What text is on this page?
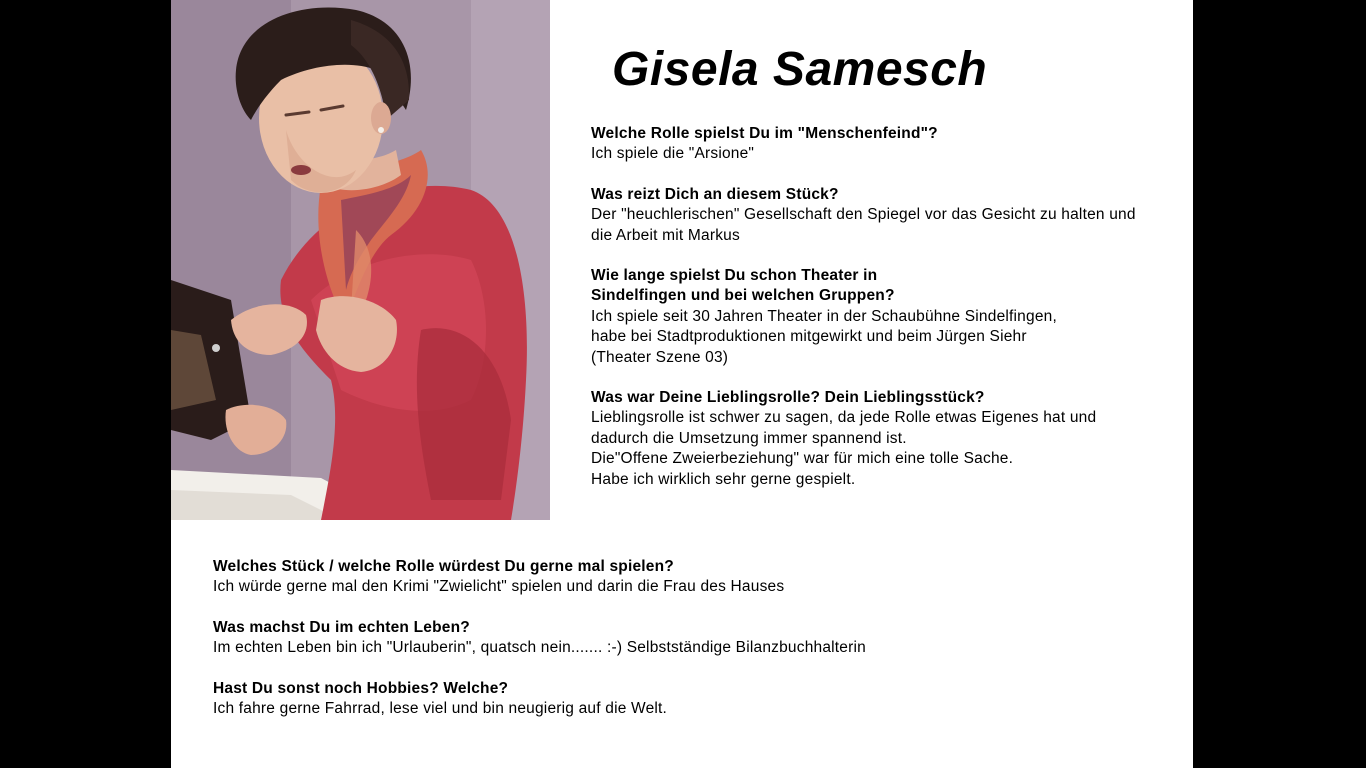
Gisela Samesch
Welche Rolle spielst Du im "Menschenfeind"?
Ich spiele die "Arsione"
Was reizt Dich an diesem Stück?
Der "heuchlerischen" Gesellschaft den Spiegel vor das Gesicht zu halten und
die Arbeit mit Markus
Wie lange spielst Du schon Theater in
Sindelfingen und bei welchen Gruppen?
Ich spiele seit 30 Jahren Theater in der Schaubühne Sindelfingen,
habe bei Stadtproduktionen mitgewirkt und beim Jürgen Siehr
(Theater Szene 03)
Was war Deine Lieblingsrolle? Dein Lieblingsstück?
Lieblingsrolle ist schwer zu sagen, da jede Rolle etwas Eigenes hat und
dadurch die Umsetzung immer spannend ist.
Die"Offene Zweierbeziehung" war für mich eine tolle Sache.
Habe ich wirklich sehr gerne gespielt.
Welches Stück / welche Rolle würdest Du gerne mal spielen?
Ich würde gerne mal den Krimi "Zwielicht" spielen und darin die Frau des Hauses
Was machst Du im echten Leben?
Im echten Leben bin ich "Urlauberin", quatsch nein....... :-) Selbstständige Bilanzbuchhalterin
Hast Du sonst noch Hobbies? Welche?
Ich fahre gerne Fahrrad, lese viel und bin neugierig auf die Welt.
